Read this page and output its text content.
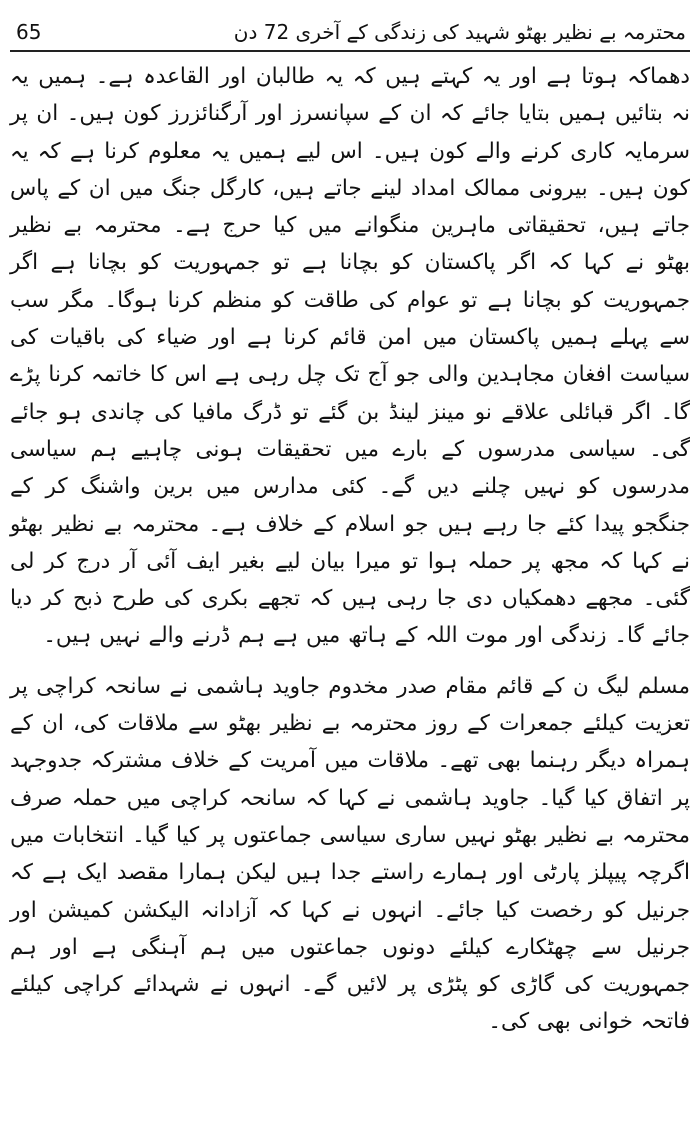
65	محترمہ بے نظیر بھٹو شہید کی زندگی کے آخری 72 دن

دھماکہ ہوتا ہے اور یہ کہتے ہیں کہ یہ طالبان اور القاعدہ ہے۔ ہمیں یہ نہ بتائیں ہمیں بتایا جائے کہ ان کے سپانسرز اور آرگنائزرز کون ہیں۔ ان پر سرمایہ کاری کرنے والے کون ہیں۔ اس لیے ہمیں یہ معلوم کرنا ہے کہ یہ کون ہیں۔ بیرونی ممالک امداد لینے جاتے ہیں، کارگل جنگ میں ان کے پاس جاتے ہیں، تحقیقاتی ماہرین منگوانے میں کیا حرج ہے۔ محترمہ بے نظیر بھٹو نے کہا کہ اگر پاکستان کو بچانا ہے تو جمہوریت کو بچانا ہے اگر جمہوریت کو بچانا ہے تو عوام کی طاقت کو منظم کرنا ہوگا۔ مگر سب سے پہلے ہمیں پاکستان میں امن قائم کرنا ہے اور ضیاء کی باقیات کی سیاست افغان مجاہدین والی جو آج تک چل رہی ہے اس کا خاتمہ کرنا پڑے گا۔ اگر قبائلی علاقے نو مینز لینڈ بن گئے تو ڈرگ مافیا کی چاندی ہو جائے گی۔ سیاسی مدرسوں کے بارے میں تحقیقات ہونی چاہیے ہم سیاسی مدرسوں کو نہیں چلنے دیں گے۔ کئی مدارس میں برین واشنگ کر کے جنگجو پیدا کئے جا رہے ہیں جو اسلام کے خلاف ہے۔ محترمہ بے نظیر بھٹو نے کہا کہ مجھ پر حملہ ہوا تو میرا بیان لیے بغیر ایف آئی آر درج کر لی گئی۔ مجھے دھمکیاں دی جا رہی ہیں کہ تجھے بکری کی طرح ذبح کر دیا جائے گا۔ زندگی اور موت اللہ کے ہاتھ میں ہے ہم ڈرنے والے نہیں ہیں۔

مسلم لیگ ن کے قائم مقام صدر مخدوم جاوید ہاشمی نے سانحہ کراچی پر تعزیت کیلئے جمعرات کے روز محترمہ بے نظیر بھٹو سے ملاقات کی، ان کے ہمراہ دیگر رہنما بھی تھے۔ ملاقات میں آمریت کے خلاف مشترکہ جدوجہد پر اتفاق کیا گیا۔ جاوید ہاشمی نے کہا کہ سانحہ کراچی میں حملہ صرف محترمہ بے نظیر بھٹو نہیں ساری سیاسی جماعتوں پر کیا گیا۔ انتخابات میں اگرچہ پیپلز پارٹی اور ہمارے راستے جدا ہیں لیکن ہمارا مقصد ایک ہے کہ جرنیل کو رخصت کیا جائے۔ انہوں نے کہا کہ آزادانہ الیکشن کمیشن اور جرنیل سے چھٹکارے کیلئے دونوں جماعتوں میں ہم آہنگی ہے اور ہم جمہوریت کی گاڑی کو پٹڑی پر لائیں گے۔ انہوں نے شہدائے کراچی کیلئے فاتحہ خوانی بھی کی۔
